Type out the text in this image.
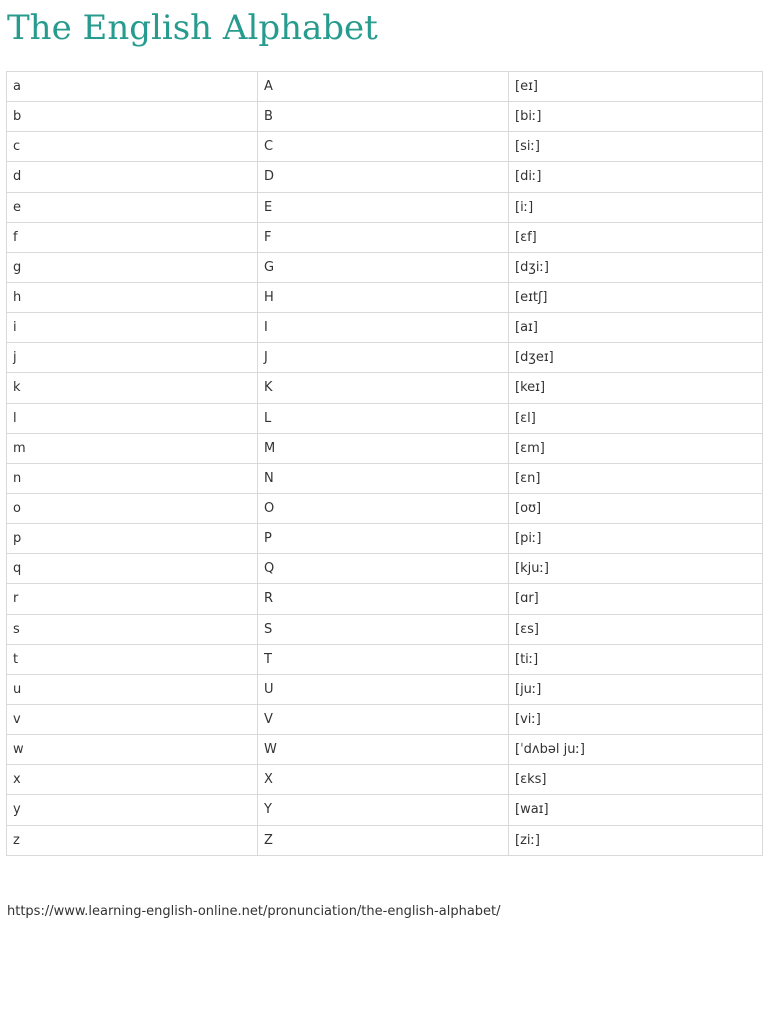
The English Alphabet
a	A	[eɪ]
b	B	[biː]
c	C	[siː]
d	D	[diː]
e	E	[iː]
f	F	[ɛf]
g	G	[dʒiː]
h	H	[eɪtʃ]
i	I	[aɪ]
j	J	[dʒeɪ]
k	K	[keɪ]
l	L	[ɛl]
m	M	[ɛm]
n	N	[ɛn]
o	O	[oʊ]
p	P	[piː]
q	Q	[kjuː]
r	R	[ɑr]
s	S	[ɛs]
t	T	[tiː]
u	U	[juː]
v	V	[viː]
w	W	[ˈdʌbəl juː]
x	X	[ɛks]
y	Y	[waɪ]
z	Z	[ziː]
https://www.learning-english-online.net/pronunciation/the-english-alphabet/
